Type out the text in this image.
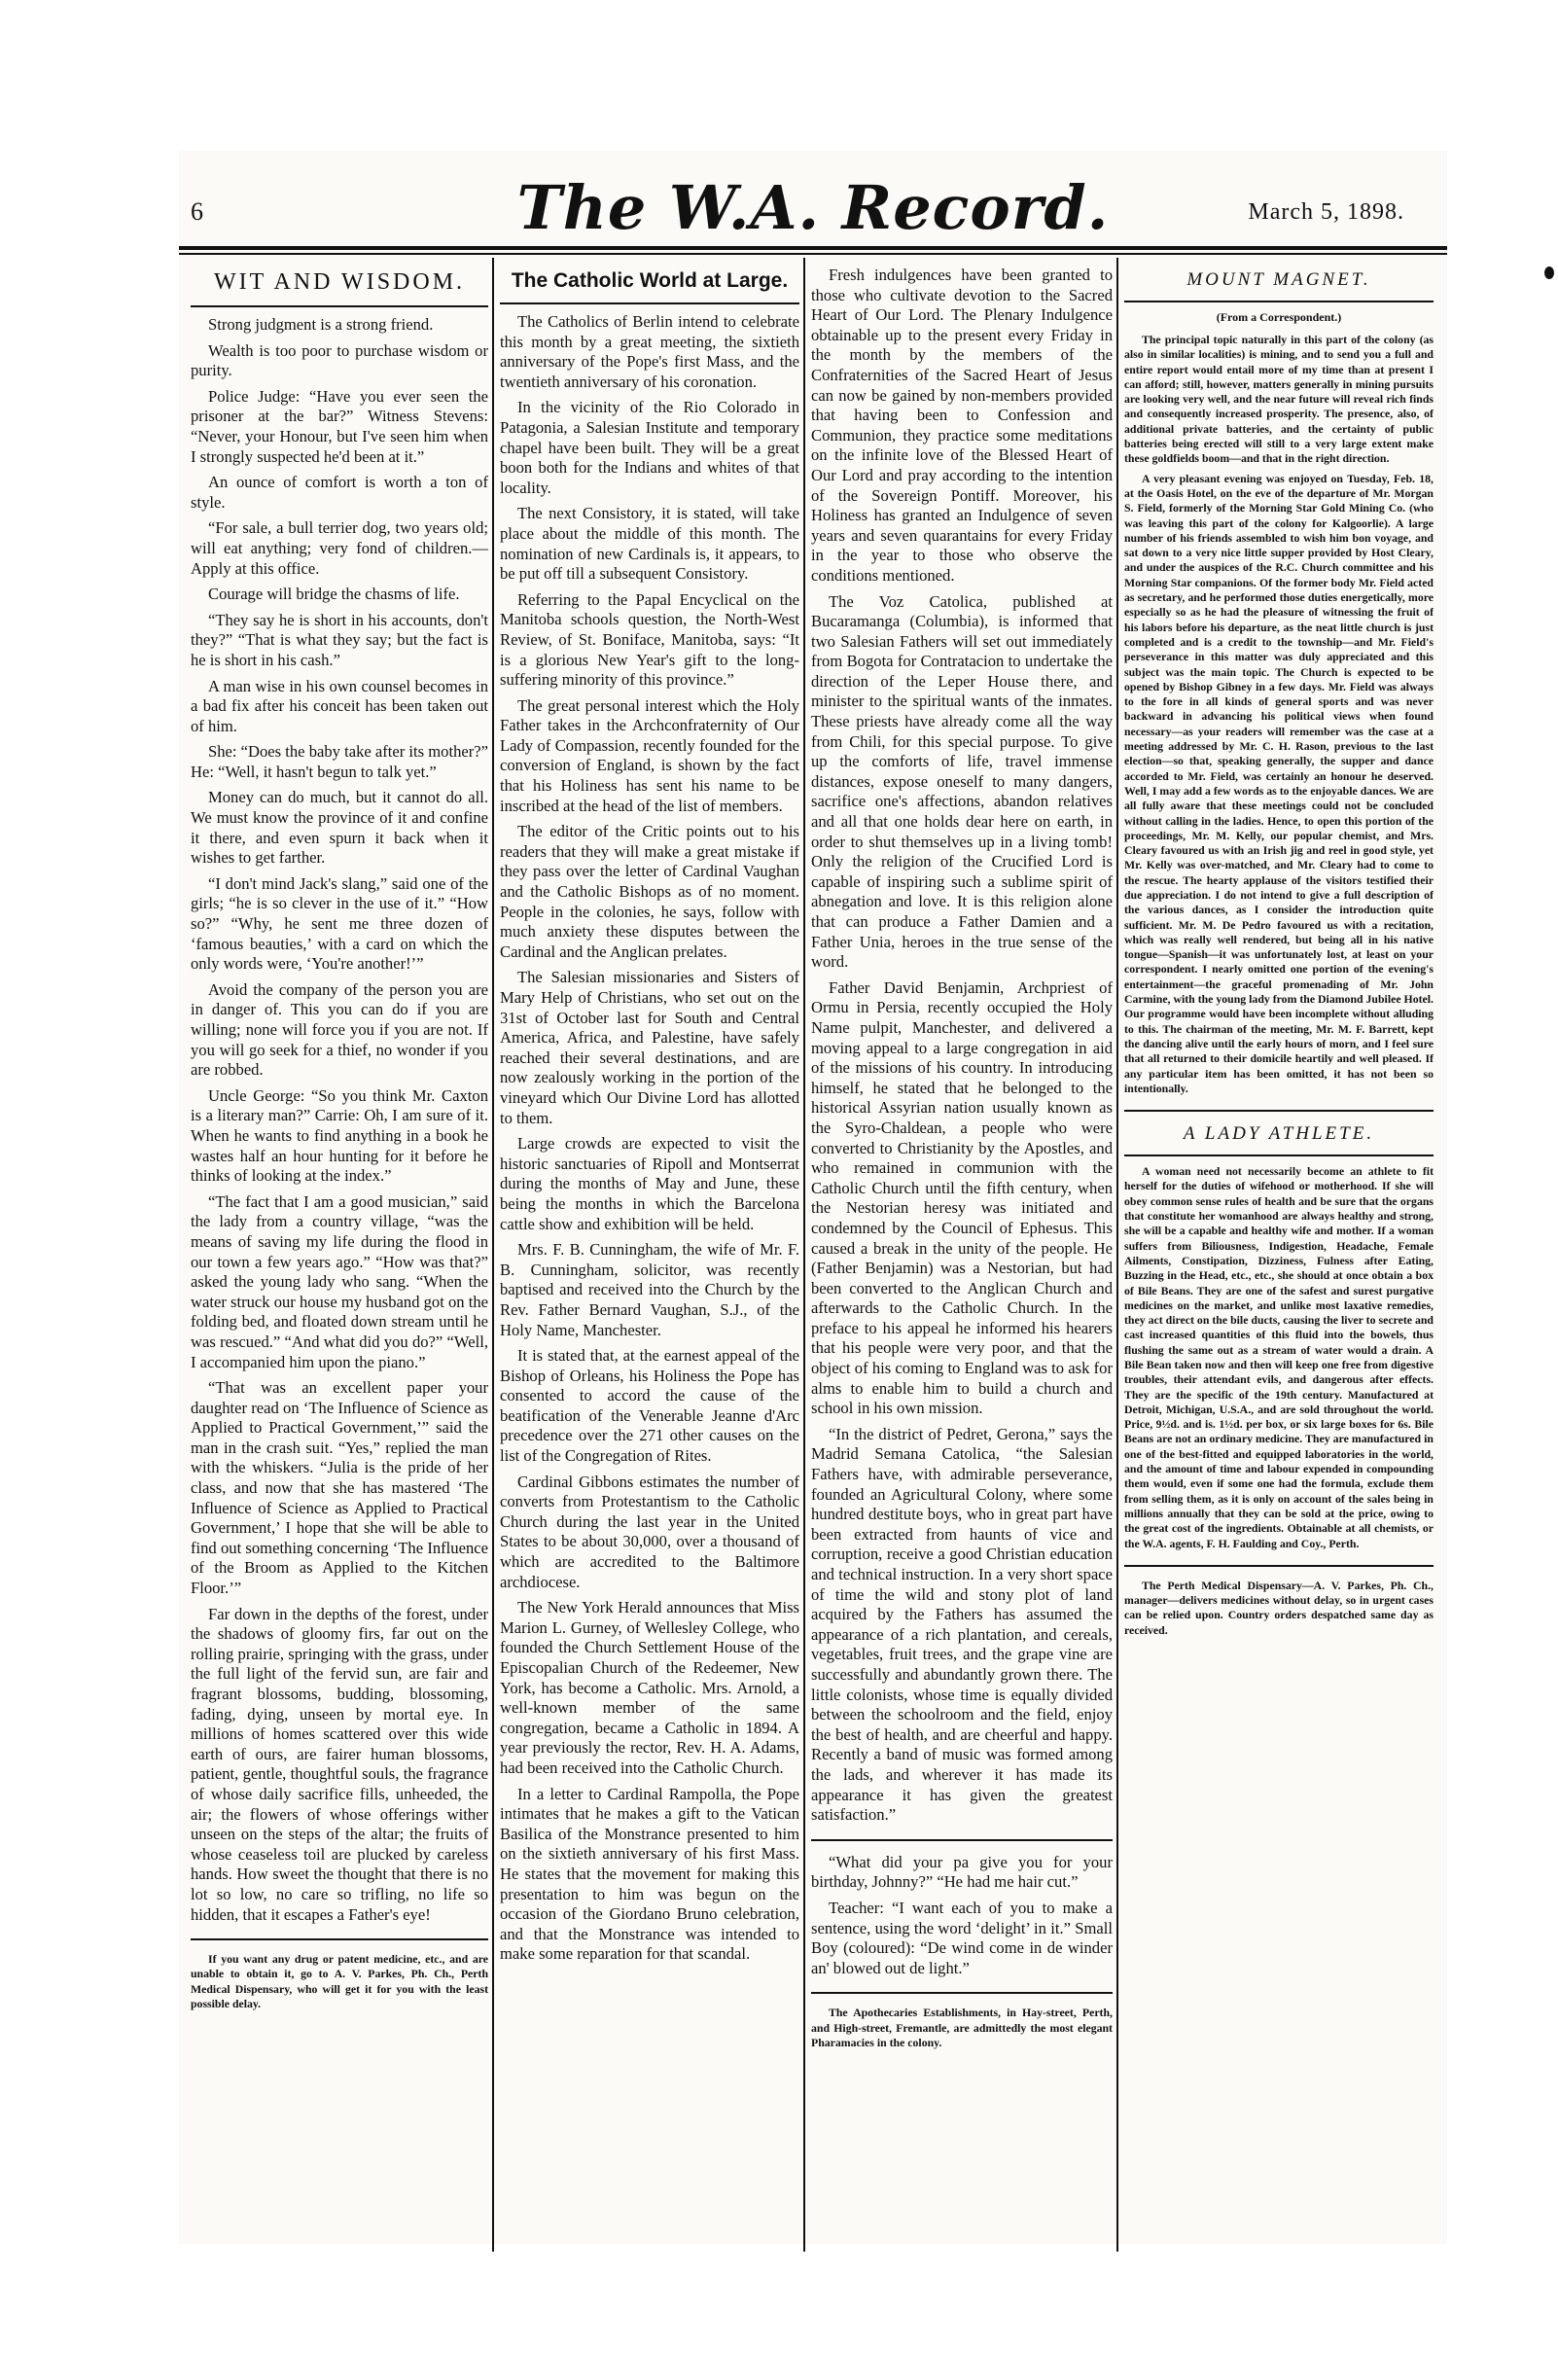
The W.A. Record.
6	March 5, 1898.
WIT AND WISDOM.

Strong judgment is a strong friend.

Wealth is too poor to purchase wisdom or purity.

Police Judge: “Have you ever seen the prisoner at the bar?” Witness Stevens: “Never, your Honour, but I've seen him when I strongly suspected he'd been at it.”

An ounce of comfort is worth a ton of style.

“For sale, a bull terrier dog, two years old; will eat anything; very fond of children.—Apply at this office.

Courage will bridge the chasms of life.

“They say he is short in his accounts, don't they?” “That is what they say; but the fact is he is short in his cash.”

A man wise in his own counsel becomes in a bad fix after his conceit has been taken out of him.

She: “Does the baby take after its mother?” He: “Well, it hasn't begun to talk yet.”

Money can do much, but it cannot do all. We must know the province of it and confine it there, and even spurn it back when it wishes to get farther.

“I don't mind Jack's slang,” said one of the girls; “he is so clever in the use of it.” “How so?” “Why, he sent me three dozen of ‘famous beauties,’ with a card on which the only words were, ‘You're another!’”

Avoid the company of the person you are in danger of. This you can do if you are willing; none will force you if you are not. If you will go seek for a thief, no wonder if you are robbed.

Uncle George: “So you think Mr. Caxton is a literary man?” Carrie: Oh, I am sure of it. When he wants to find anything in a book he wastes half an hour hunting for it before he thinks of looking at the index.”

“The fact that I am a good musician,” said the lady from a country village, “was the means of saving my life during the flood in our town a few years ago.” “How was that?” asked the young lady who sang. “When the water struck our house my husband got on the folding bed, and floated down stream until he was rescued.” “And what did you do?” “Well, I accompanied him upon the piano.”

“That was an excellent paper your daughter read on ‘The Influence of Science as Applied to Practical Government,’” said the man in the crash suit. “Yes,” replied the man with the whiskers. “Julia is the pride of her class, and now that she has mastered ‘The Influence of Science as Applied to Practical Government,’ I hope that she will be able to find out something concerning ‘The Influence of the Broom as Applied to the Kitchen Floor.’”

Far down in the depths of the forest, under the shadows of gloomy firs, far out on the rolling prairie, springing with the grass, under the full light of the fervid sun, are fair and fragrant blossoms, budding, blossoming, fading, dying, unseen by mortal eye. In millions of homes scattered over this wide earth of ours, are fairer human blossoms, patient, gentle, thoughtful souls, the fragrance of whose daily sacrifice fills, unheeded, the air; the flowers of whose offerings wither unseen on the steps of the altar; the fruits of whose ceaseless toil are plucked by careless hands. How sweet the thought that there is no lot so low, no care so trifling, no life so hidden, that it escapes a Father's eye!

If you want any drug or patent medicine, etc., and are unable to obtain it, go to A. V. Parkes, Ph. Ch., Perth Medical Dispensary, who will get it for you with the least possible delay.

The Catholic World at Large.

The Catholics of Berlin intend to celebrate this month by a great meeting, the sixtieth anniversary of the Pope's first Mass, and the twentieth anniversary of his coronation.

In the vicinity of the Rio Colorado in Patagonia, a Salesian Institute and temporary chapel have been built. They will be a great boon both for the Indians and whites of that locality.

The next Consistory, it is stated, will take place about the middle of this month. The nomination of new Cardinals is, it appears, to be put off till a subsequent Consistory.

Referring to the Papal Encyclical on the Manitoba schools question, the North-West Review, of St. Boniface, Manitoba, says: “It is a glorious New Year's gift to the long-suffering minority of this province.”

The great personal interest which the Holy Father takes in the Archconfraternity of Our Lady of Compassion, recently founded for the conversion of England, is shown by the fact that his Holiness has sent his name to be inscribed at the head of the list of members.

The editor of the Critic points out to his readers that they will make a great mistake if they pass over the letter of Cardinal Vaughan and the Catholic Bishops as of no moment. People in the colonies, he says, follow with much anxiety these disputes between the Cardinal and the Anglican prelates.

The Salesian missionaries and Sisters of Mary Help of Christians, who set out on the 31st of October last for South and Central America, Africa, and Palestine, have safely reached their several destinations, and are now zealously working in the portion of the vineyard which Our Divine Lord has allotted to them.

Large crowds are expected to visit the historic sanctuaries of Ripoll and Montserrat during the months of May and June, these being the months in which the Barcelona cattle show and exhibition will be held.

Mrs. F. B. Cunningham, the wife of Mr. F. B. Cunningham, solicitor, was recently baptised and received into the Church by the Rev. Father Bernard Vaughan, S.J., of the Holy Name, Manchester.

It is stated that, at the earnest appeal of the Bishop of Orleans, his Holiness the Pope has consented to accord the cause of the beatification of the Venerable Jeanne d'Arc precedence over the 271 other causes on the list of the Congregation of Rites.

Cardinal Gibbons estimates the number of converts from Protestantism to the Catholic Church during the last year in the United States to be about 30,000, over a thousand of which are accredited to the Baltimore archdiocese.

The New York Herald announces that Miss Marion L. Gurney, of Wellesley College, who founded the Church Settlement House of the Episcopalian Church of the Redeemer, New York, has become a Catholic. Mrs. Arnold, a well-known member of the same congregation, became a Catholic in 1894. A year previously the rector, Rev. H. A. Adams, had been received into the Catholic Church.

In a letter to Cardinal Rampolla, the Pope intimates that he makes a gift to the Vatican Basilica of the Monstrance presented to him on the sixtieth anniversary of his first Mass. He states that the movement for making this presentation to him was begun on the occasion of the Giordano Bruno celebration, and that the Monstrance was intended to make some reparation for that scandal.

Fresh indulgences have been granted to those who cultivate devotion to the Sacred Heart of Our Lord. The Plenary Indulgence obtainable up to the present every Friday in the month by the members of the Confraternities of the Sacred Heart of Jesus can now be gained by non-members provided that having been to Confession and Communion, they practice some meditations on the infinite love of the Blessed Heart of Our Lord and pray according to the intention of the Sovereign Pontiff. Moreover, his Holiness has granted an Indulgence of seven years and seven quarantains for every Friday in the year to those who observe the conditions mentioned.

The Voz Catolica, published at Bucaramanga (Columbia), is informed that two Salesian Fathers will set out immediately from Bogota for Contratacion to undertake the direction of the Leper House there, and minister to the spiritual wants of the inmates. These priests have already come all the way from Chili, for this special purpose. To give up the comforts of life, travel immense distances, expose oneself to many dangers, sacrifice one's affections, abandon relatives and all that one holds dear here on earth, in order to shut themselves up in a living tomb! Only the religion of the Crucified Lord is capable of inspiring such a sublime spirit of abnegation and love. It is this religion alone that can produce a Father Damien and a Father Unia, heroes in the true sense of the word.

Father David Benjamin, Archpriest of Ormu in Persia, recently occupied the Holy Name pulpit, Manchester, and delivered a moving appeal to a large congregation in aid of the missions of his country. In introducing himself, he stated that he belonged to the historical Assyrian nation usually known as the Syro-Chaldean, a people who were converted to Christianity by the Apostles, and who remained in communion with the Catholic Church until the fifth century, when the Nestorian heresy was initiated and condemned by the Council of Ephesus. This caused a break in the unity of the people. He (Father Benjamin) was a Nestorian, but had been converted to the Anglican Church and afterwards to the Catholic Church. In the preface to his appeal he informed his hearers that his people were very poor, and that the object of his coming to England was to ask for alms to enable him to build a church and school in his own mission.

“In the district of Pedret, Gerona,” says the Madrid Semana Catolica, “the Salesian Fathers have, with admirable perseverance, founded an Agricultural Colony, where some hundred destitute boys, who in great part have been extracted from haunts of vice and corruption, receive a good Christian education and technical instruction. In a very short space of time the wild and stony plot of land acquired by the Fathers has assumed the appearance of a rich plantation, and cereals, vegetables, fruit trees, and the grape vine are successfully and abundantly grown there. The little colonists, whose time is equally divided between the schoolroom and the field, enjoy the best of health, and are cheerful and happy. Recently a band of music was formed among the lads, and wherever it has made its appearance it has given the greatest satisfaction.”

“What did your pa give you for your birthday, Johnny?” “He had me hair cut.”

Teacher: “I want each of you to make a sentence, using the word ‘delight’ in it.” Small Boy (coloured): “De wind come in de winder an' blowed out de light.”

The Apothecaries Establishments, in Hay-street, Perth, and High-street, Fremantle, are admittedly the most elegant Pharamacies in the colony.

MOUNT MAGNET.
(From a Correspondent.)

The principal topic naturally in this part of the colony (as also in similar localities) is mining, and to send you a full and entire report would entail more of my time than at present I can afford; still, however, matters generally in mining pursuits are looking very well, and the near future will reveal rich finds and consequently increased prosperity. The presence, also, of additional private batteries, and the certainty of public batteries being erected will still to a very large extent make these goldfields boom—and that in the right direction.

A very pleasant evening was enjoyed on Tuesday, Feb. 18, at the Oasis Hotel, on the eve of the departure of Mr. Morgan S. Field, formerly of the Morning Star Gold Mining Co. (who was leaving this part of the colony for Kalgoorlie). A large number of his friends assembled to wish him bon voyage, and sat down to a very nice little supper provided by Host Cleary, and under the auspices of the R.C. Church committee and his Morning Star companions. Of the former body Mr. Field acted as secretary, and he performed those duties energetically, more especially so as he had the pleasure of witnessing the fruit of his labors before his departure, as the neat little church is just completed and is a credit to the township—and Mr. Field's perseverance in this matter was duly appreciated and this subject was the main topic. The Church is expected to be opened by Bishop Gibney in a few days. Mr. Field was always to the fore in all kinds of general sports and was never backward in advancing his political views when found necessary—as your readers will remember was the case at a meeting addressed by Mr. C. H. Rason, previous to the last election—so that, speaking generally, the supper and dance accorded to Mr. Field, was certainly an honour he deserved. Well, I may add a few words as to the enjoyable dances. We are all fully aware that these meetings could not be concluded without calling in the ladies. Hence, to open this portion of the proceedings, Mr. M. Kelly, our popular chemist, and Mrs. Cleary favoured us with an Irish jig and reel in good style, yet Mr. Kelly was over-matched, and Mr. Cleary had to come to the rescue. The hearty applause of the visitors testified their due appreciation. I do not intend to give a full description of the various dances, as I consider the introduction quite sufficient. Mr. M. De Pedro favoured us with a recitation, which was really well rendered, but being all in his native tongue—Spanish—it was unfortunately lost, at least on your correspondent. I nearly omitted one portion of the evening's entertainment—the graceful promenading of Mr. John Carmine, with the young lady from the Diamond Jubilee Hotel. Our programme would have been incomplete without alluding to this. The chairman of the meeting, Mr. M. F. Barrett, kept the dancing alive until the early hours of morn, and I feel sure that all returned to their domicile heartily and well pleased. If any particular item has been omitted, it has not been so intentionally.

A LADY ATHLETE.

A woman need not necessarily become an athlete to fit herself for the duties of wifehood or motherhood. If she will obey common sense rules of health and be sure that the organs that constitute her womanhood are always healthy and strong, she will be a capable and healthy wife and mother. If a woman suffers from Biliousness, Indigestion, Headache, Female Ailments, Constipation, Dizziness, Fulness after Eating, Buzzing in the Head, etc., etc., she should at once obtain a box of Bile Beans. They are one of the safest and surest purgative medicines on the market, and unlike most laxative remedies, they act direct on the bile ducts, causing the liver to secrete and cast increased quantities of this fluid into the bowels, thus flushing the same out as a stream of water would a drain. A Bile Bean taken now and then will keep one free from digestive troubles, their attendant evils, and dangerous after effects. They are the specific of the 19th century. Manufactured at Detroit, Michigan, U.S.A., and are sold throughout the world. Price, 9½d. and is. 1½d. per box, or six large boxes for 6s. Bile Beans are not an ordinary medicine. They are manufactured in one of the best-fitted and equipped laboratories in the world, and the amount of time and labour expended in compounding them would, even if some one had the formula, exclude them from selling them, as it is only on account of the sales being in millions annually that they can be sold at the price, owing to the great cost of the ingredients. Obtainable at all chemists, or the W.A. agents, F. H. Faulding and Coy., Perth.

The Perth Medical Dispensary—A. V. Parkes, Ph. Ch., manager—delivers medicines without delay, so in urgent cases can be relied upon. Country orders despatched same day as received.
